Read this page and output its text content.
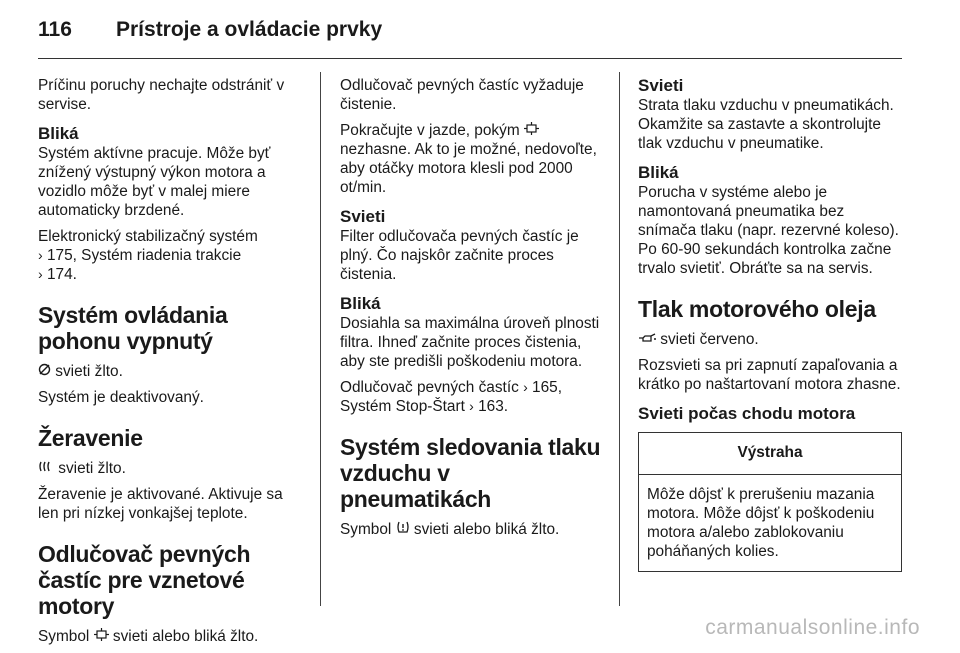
116	Prístroje a ovládacie prvky

Príčinu poruchy nechajte odstrániť v servise.

Bliká

Systém aktívne pracuje. Môže byť znížený výstupný výkon motora a vozidlo môže byť v malej miere automaticky brzdené.

Elektronický stabilizačný systém
› 175, Systém riadenia trakcie
› 174.

Systém ovládania pohonu vypnutý

svieti žlto.

Systém je deaktivovaný.

Žeravenie

svieti žlto.

Žeravenie je aktivované. Aktivuje sa len pri nízkej vonkajšej teplote.

Odlučovač pevných častíc pre vznetové motory

Symbol svieti alebo bliká žlto.

Odlučovač pevných častíc vyžaduje čistenie.

Pokračujte v jazde, pokým  nezhasne. Ak to je možné, nedovoľte, aby otáčky motora klesli pod 2000 ot/min.

Svieti

Filter odlučovača pevných častíc je plný. Čo najskôr začnite proces čistenia.

Bliká

Dosiahla sa maximálna úroveň plnosti filtra. Ihneď začnite proces čistenia, aby ste predišli poškodeniu motora.

Odlučovač pevných častíc › 165,
Systém Stop-Štart › 163.

Systém sledovania tlaku vzduchu v pneumatikách

Symbol svieti alebo bliká žlto.

Svieti

Strata tlaku vzduchu v pneumatikách. Okamžite sa zastavte a skontrolujte tlak vzduchu v pneumatike.

Bliká

Porucha v systéme alebo je namontovaná pneumatika bez snímača tlaku (napr. rezervné koleso). Po 60-90 sekundách kontrolka začne trvalo svietiť. Obráťte sa na servis.

Tlak motorového oleja

svieti červeno.

Rozsvieti sa pri zapnutí zapaľovania a krátko po naštartovaní motora zhasne.

Svieti počas chodu motora
Výstraha
Môže dôjsť k prerušeniu mazania motora. Môže dôjsť k poškodeniu motora a/alebo zablokovaniu poháňaných kolies.
carmanualsonline.info
